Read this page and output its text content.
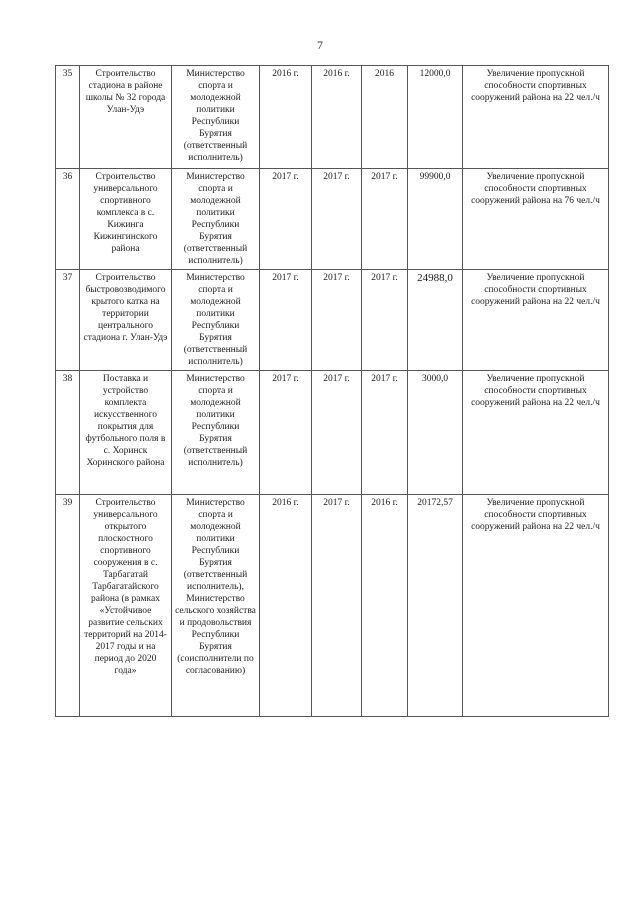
7
35	Строительство стадиона в районе школы № 32 города Улан-Удэ	Министерство спорта и молодежной политики Республики Бурятия (ответственный исполнитель)	2016 г.	2016 г.	2016	12000,0	Увеличение пропускной способности спортивных сооружений района на 22 чел./ч
36	Строительство универсального спортивного комплекса в с. Кижинга Кижингинского района	Министерство спорта и молодежной политики Республики Бурятия (ответственный исполнитель)	2017 г.	2017 г.	2017 г.	99900,0	Увеличение пропускной способности спортивных сооружений района на 76 чел./ч
37	Строительство быстровозводимого крытого катка на территории центрального стадиона г. Улан-Удэ	Министерство спорта и молодежной политики Республики Бурятия (ответственный исполнитель)	2017 г.	2017 г.	2017 г.	24988,0	Увеличение пропускной способности спортивных сооружений района на 22 чел./ч
38	Поставка и устройство комплекта искусственного покрытия для футбольного поля в с. Хоринск Хоринского района	Министерство спорта и молодежной политики Республики Бурятия (ответственный исполнитель)	2017 г.	2017 г.	2017 г.	3000,0	Увеличение пропускной способности спортивных сооружений района на 22 чел./ч
39	Строительство универсального открытого плоскостного спортивного сооружения в с. Тарбагатай Тарбагатайского района (в рамках «Устойчивое развитие сельских территорий на 2014-2017 годы и на период до 2020 года»	Министерство спорта и молодежной политики Республики Бурятия (ответственный исполнитель), Министерство сельского хозяйства и продовольствия Республики Бурятия (соисполнители по согласованию)	2016 г.	2017 г.	2016 г.	20172,57	Увеличение пропускной способности спортивных сооружений района на 22 чел./ч
